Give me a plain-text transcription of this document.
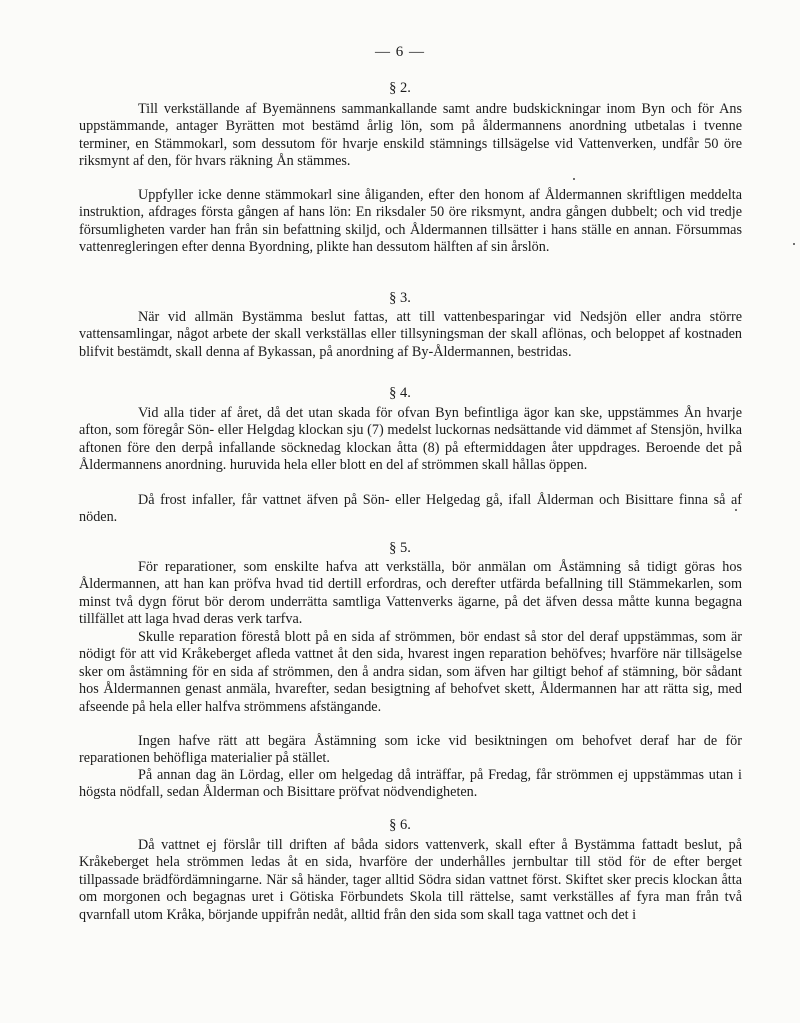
— 6 —
§ 2.

Till verkställande af Byemännens sammankallande samt andre budskickningar inom Byn och för Ans uppstämmande, antager Byrätten mot bestämd årlig lön, som på åldermannens anordning utbetalas i tvenne terminer, en Stämmokarl, som dessutom för hvarje enskild stämnings tillsägelse vid Vattenverken, undfår 50 öre riksmynt af den, för hvars räkning Ån stämmes.

Uppfyller icke denne stämmokarl sine åliganden, efter den honom af Åldermannen skriftligen meddelta instruktion, afdrages första gången af hans lön: En riksdaler 50 öre riksmynt, andra gången dubbelt; och vid tredje försumligheten varder han från sin befattning skiljd, och Åldermannen tillsätter i hans ställe en annan. Försummas vattenregleringen efter denna Byordning, plikte han dessutom hälften af sin årslön.

§ 3.

När vid allmän Bystämma beslut fattas, att till vattenbesparingar vid Nedsjön eller andra större vattensamlingar, något arbete der skall verkställas eller tillsyningsman der skall aflönas, och beloppet af kostnaden blifvit bestämdt, skall denna af Bykassan, på anordning af By-Åldermannen, bestridas.

§ 4.

Vid alla tider af året, då det utan skada för ofvan Byn befintliga ägor kan ske, uppstämmes Ån hvarje afton, som föregår Sön- eller Helgdag klockan sju (7) medelst luckornas nedsättande vid dämmet af Stensjön, hvilka aftonen före den derpå infallande söcknedag klockan åtta (8) på eftermiddagen åter uppdrages. Beroende det på Åldermannens anordning. huruvida hela eller blott en del af strömmen skall hållas öppen.

Då frost infaller, får vattnet äfven på Sön- eller Helgedag gå, ifall Ålderman och Bisittare finna så af nöden.

§ 5.

För reparationer, som enskilte hafva att verkställa, bör anmälan om Åstämning så tidigt göras hos Åldermannen, att han kan pröfva hvad tid dertill erfordras, och derefter utfärda befallning till Stämmekarlen, som minst två dygn förut bör derom underrätta samtliga Vattenverks ägarne, på det äfven dessa måtte kunna begagna tillfället att laga hvad deras verk tarfva.

Skulle reparation förestå blott på en sida af strömmen, bör endast så stor del deraf uppstämmas, som är nödigt för att vid Kråkeberget afleda vattnet åt den sida, hvarest ingen reparation behöfves; hvarföre när tillsägelse sker om åstämning för en sida af strömmen, den å andra sidan, som äfven har giltigt behof af stämning, bör sådant hos Åldermannen genast anmäla, hvarefter, sedan besigtning af behofvet skett, Åldermannen har att rätta sig, med afseende på hela eller halfva strömmens afstängande.

Ingen hafve rätt att begära Åstämning som icke vid besiktningen om behofvet deraf har de för reparationen behöfliga materialier på stället.

På annan dag än Lördag, eller om helgedag då inträffar, på Fredag, får strömmen ej uppstämmas utan i högsta nödfall, sedan Ålderman och Bisittare pröfvat nödvendigheten.

§ 6.

Då vattnet ej förslår till driften af båda sidors vattenverk, skall efter å Bystämma fattadt beslut, på Kråkeberget hela strömmen ledas åt en sida, hvarföre der underhålles jernbultar till stöd för de efter berget tillpassade brädfördämningarne. När så händer, tager alltid Södra sidan vattnet först. Skiftet sker precis klockan åtta om morgonen och begagnas uret i Götiska Förbundets Skola till rättelse, samt verkställes af fyra man från två qvarnfall utom Kråka, börjande uppifrån nedåt, alltid från den sida som skall taga vattnet och det i
